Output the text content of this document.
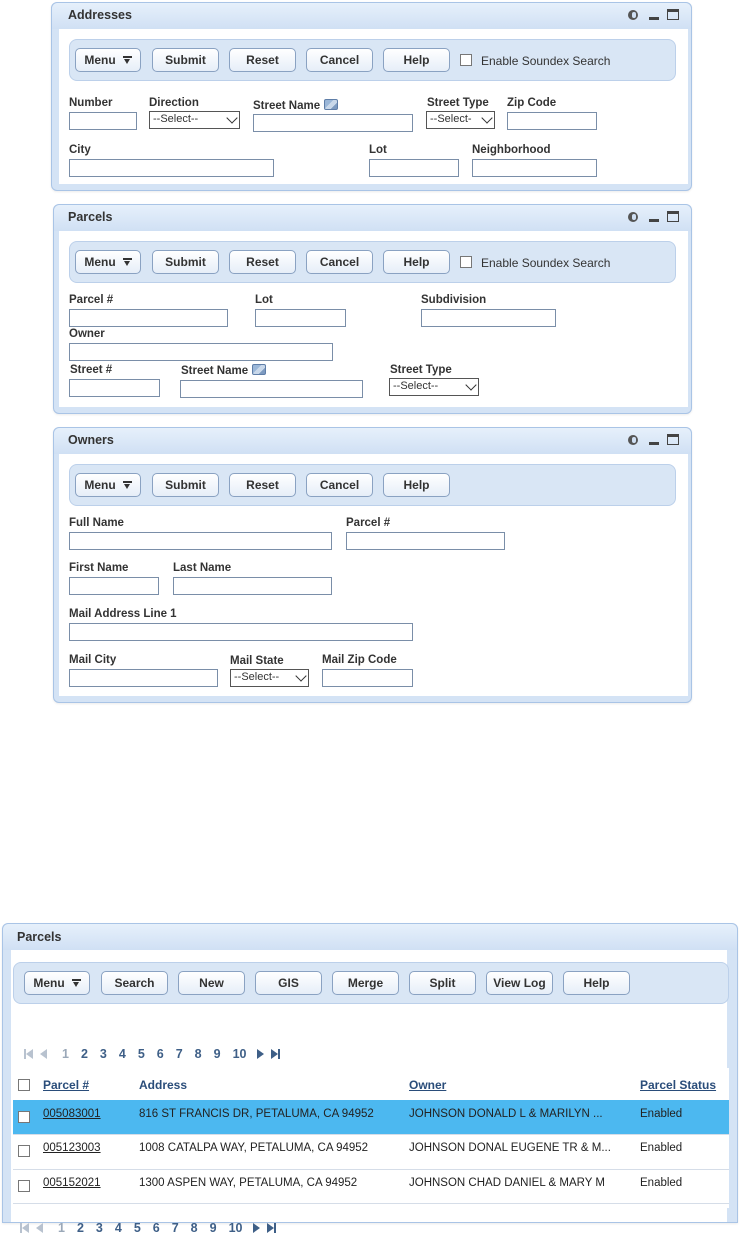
Addresses
Menu	Submit	Reset	Cancel	Help	Enable Soundex Search
Number	Direction
--Select--
Street Name	Street Type
--Select-
Zip Code
City	Lot	Neighborhood
Parcels
Menu	Submit	Reset	Cancel	Help	Enable Soundex Search
Parcel #	Lot	Subdivision
Owner
Street #	Street Name	Street Type
--Select--
Owners
Menu	Submit	Reset	Cancel	Help
Full Name	Parcel #
First Name	Last Name
Mail Address Line 1
Mail City	Mail State
--Select--
Mail Zip Code
Parcels
Menu	Search	New	GIS	Merge	Split	View Log	Help
1 2 3 4 5 6 7 8 9 10
Parcel #	Address	Owner	Parcel Status
005083001	816 ST FRANCIS DR, PETALUMA, CA 94952	JOHNSON DONALD L & MARILYN ...	Enabled
005123003	1008 CATALPA WAY, PETALUMA, CA 94952	JOHNSON DONAL EUGENE TR & M...	Enabled
005152021	1300 ASPEN WAY, PETALUMA, CA 94952	JOHNSON CHAD DANIEL & MARY M	Enabled
1 2 3 4 5 6 7 8 9 10
